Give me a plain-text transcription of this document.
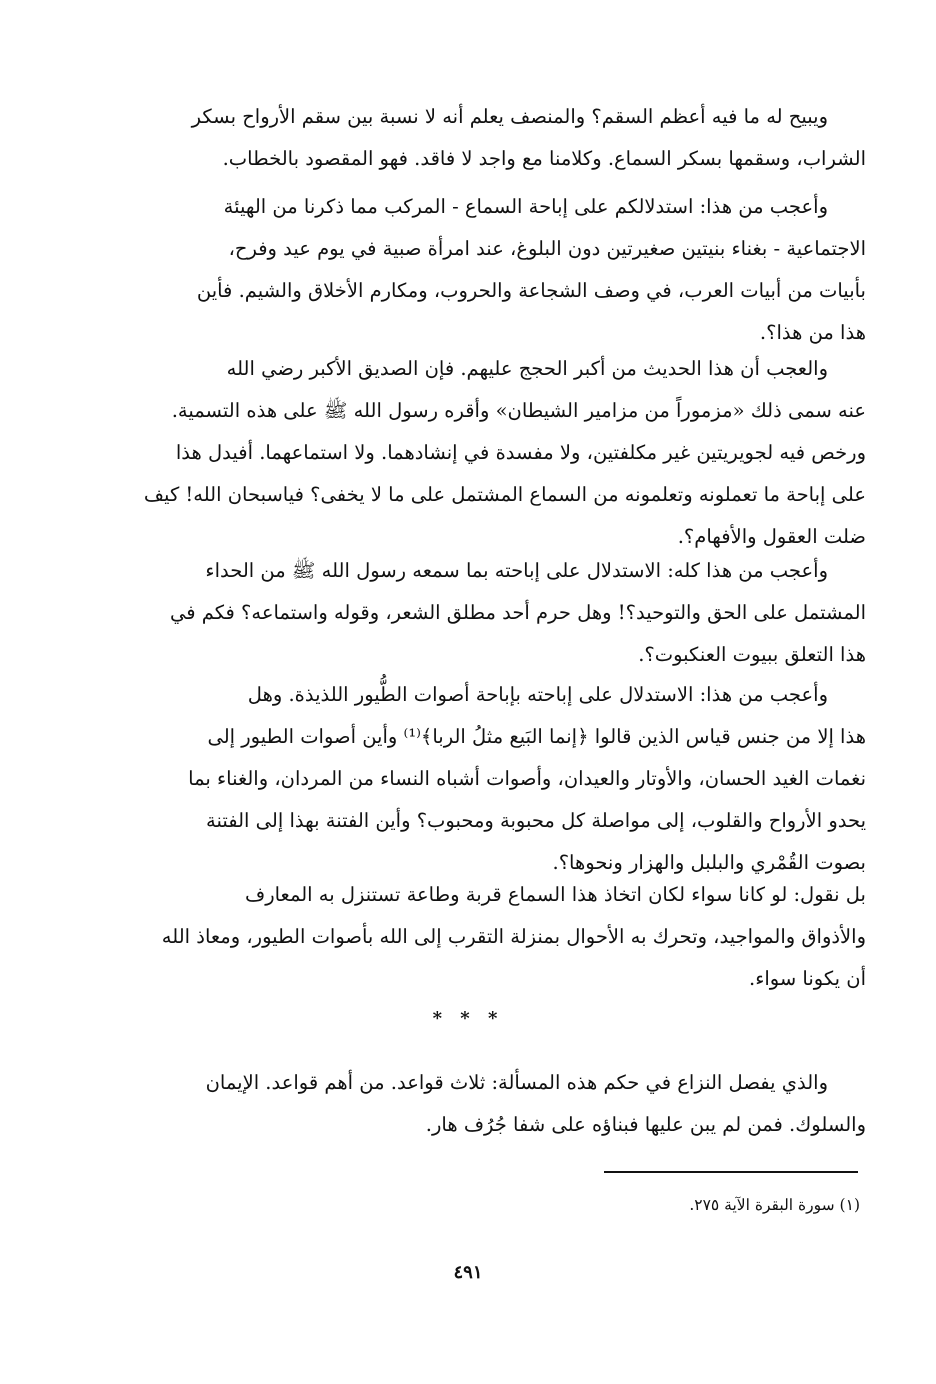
ويبيح له ما فيه أعظم السقم؟ والمنصف يعلم أنه لا نسبة بين سقم الأرواح بسكر
الشراب، وسقمها بسكر السماع. وكلامنا مع واجد لا فاقد. فهو المقصود بالخطاب.
وأعجب من هذا: استدلالكم على إباحة السماع - المركب مما ذكرنا من الهيئة
الاجتماعية - بغناء بنيتين صغيرتين دون البلوغ، عند امرأة صبية في يوم عيد وفرح،
بأبيات من أبيات العرب، في وصف الشجاعة والحروب، ومكارم الأخلاق والشيم. فأين
هذا من هذا؟.
والعجب أن هذا الحديث من أكبر الحجج عليهم. فإن الصديق الأكبر رضي الله
عنه سمى ذلك «مزموراً من مزامير الشيطان» وأقره رسول الله ﷺ على هذه التسمية.
ورخص فيه لجويريتين غير مكلفتين، ولا مفسدة في إنشادهما. ولا استماعهما. أفيدل هذا
على إباحة ما تعملونه وتعلمونه من السماع المشتمل على ما لا يخفى؟ فياسبحان الله! كيف
ضلت العقول والأفهام؟.
وأعجب من هذا كله: الاستدلال على إباحته بما سمعه رسول الله ﷺ من الحداء
المشتمل على الحق والتوحيد؟! وهل حرم أحد مطلق الشعر، وقوله واستماعه؟ فكم في
هذا التعلق ببيوت العنكبوت؟.
وأعجب من هذا: الاستدلال على إباحته بإباحة أصوات الطُّيور اللذيذة. وهل
هذا إلا من جنس قياس الذين قالوا ﴿إنما البَيع مثلُ الربا﴾⁽¹⁾ وأين أصوات الطيور إلى
نغمات الغيد الحسان، والأوتار والعيدان، وأصوات أشباه النساء من المردان، والغناء بما
يحدو الأرواح والقلوب، إلى مواصلة كل محبوبة ومحبوب؟ وأين الفتنة بهذا إلى الفتنة
بصوت القُمْري والبلبل والهزار ونحوها؟.
بل نقول: لو كانا سواء لكان اتخاذ هذا السماع قربة وطاعة تستنزل به المعارف
والأذواق والمواجيد، وتحرك به الأحوال بمنزلة التقرب إلى الله بأصوات الطيور، ومعاذ الله
أن يكونا سواء.
* * *
والذي يفصل النزاع في حكم هذه المسألة: ثلاث قواعد. من أهم قواعد. الإيمان
والسلوك. فمن لم يبن عليها فبناؤه على شفا جُرُف هار.
(١) سورة البقرة الآية ٢٧٥.
٤٩١
